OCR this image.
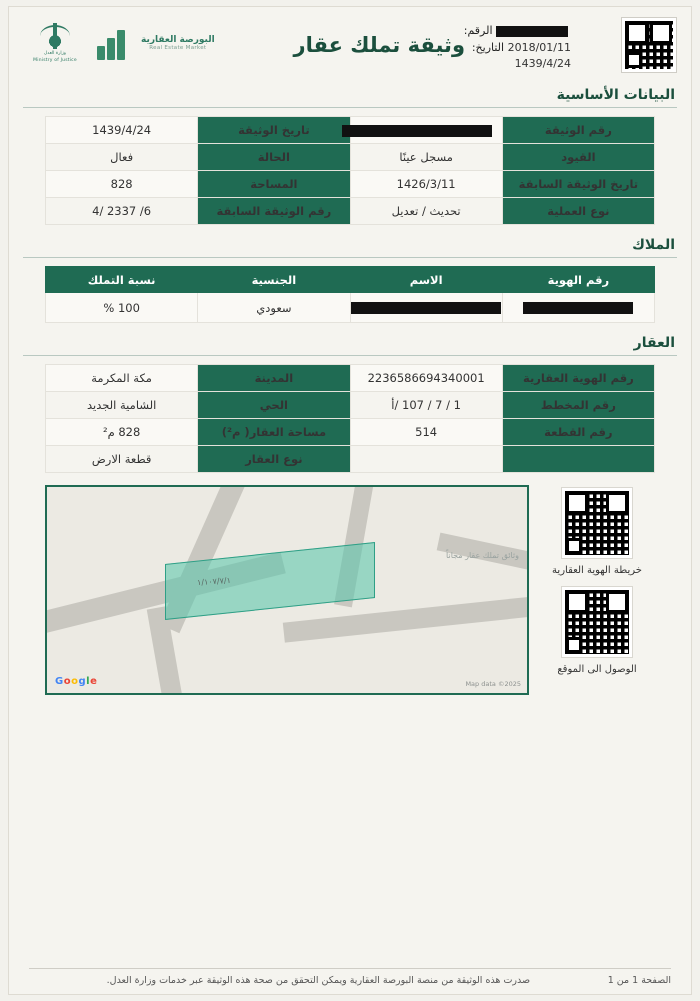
وزارة العدل
Ministry of Justice
البورصة العقارية
Real Estate Market	وثيقة تملك عقار
الرقم:
2018/01/11 التاريخ:
1439/4/24
البيانات الأساسية
رقم الوثيقة		تاريخ الوثيقة	1439/4/24
القيود	مسجل عينًا	الحالة	فعال
تاريخ الوثيقة السابقة	1426/3/11	المساحة	828
نوع العملية	تحديث / تعديل	رقم الوثيقة السابقة	6/ 2337 /4
الملاك
رقم الهوية	الاسم	الجنسية	نسبة التملك
		سعودي	100 %
العقار
رقم الهوية العقارية	2236586694340001	المدينة	مكة المكرمة
رقم المخطط	1 / 7 / 107 /أ	الحي	الشامية الجديد
رقم القطعة	514	مساحة العقار( م²)	828 م²
		نوع العقار	قطعة الارض
١/١٠٧/٧/١
وثائق تملك عقار مجاناً
Google	Map data ©2025
خريطة الهوية العقارية
الوصول الى الموقع
الصفحة 1 من 1
صدرت هذه الوثيقة من منصة البورصة العقارية ويمكن التحقق من صحة هذه الوثيقة عبر خدمات وزارة العدل.
